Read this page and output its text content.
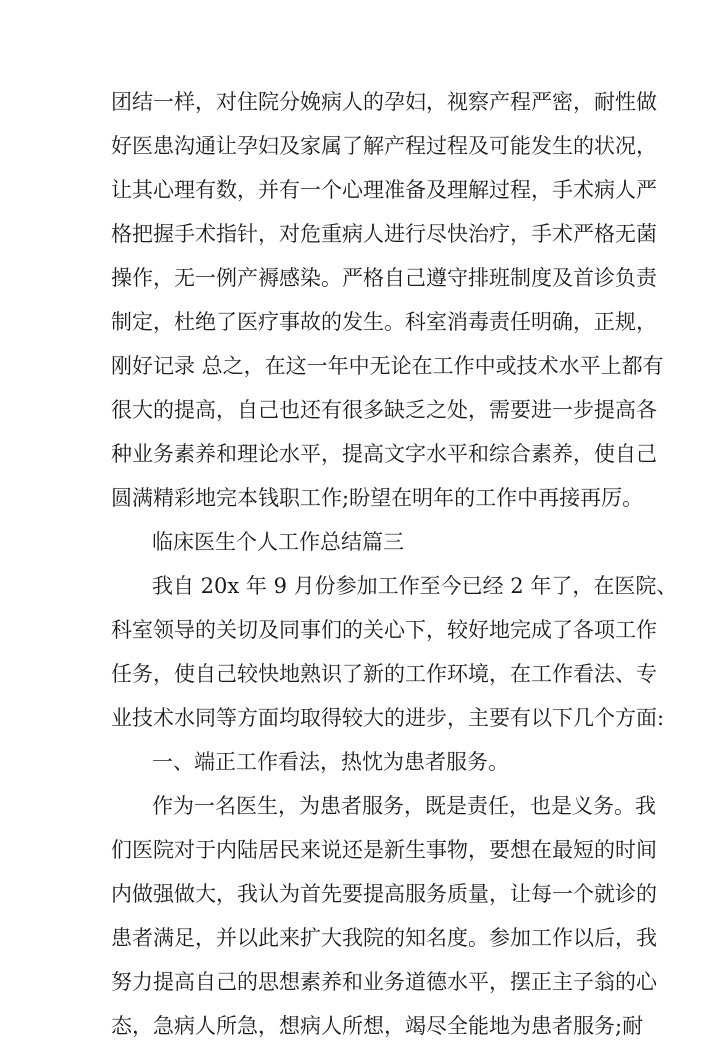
团结一样，对住院分娩病人的孕妇，视察产程严密，耐性做
好医患沟通让孕妇及家属了解产程过程及可能发生的状况，
让其心理有数，并有一个心理准备及理解过程，手术病人严
格把握手术指针，对危重病人进行尽快治疗，手术严格无菌
操作，无一例产褥感染。严格自己遵守排班制度及首诊负责
制定，杜绝了医疗事故的发生。科室消毒责任明确，正规，
刚好记录 总之，在这一年中无论在工作中或技术水平上都有
很大的提高，自己也还有很多缺乏之处，需要进一步提高各
种业务素养和理论水平，提高文字水平和综合素养，使自己
圆满精彩地完本钱职工作;盼望在明年的工作中再接再厉。
临床医生个人工作总结篇三
我自 20x 年 9 月份参加工作至今已经 2 年了，在医院、
科室领导的关切及同事们的关心下，较好地完成了各项工作
任务，使自己较快地熟识了新的工作环境，在工作看法、专
业技术水同等方面均取得较大的进步，主要有以下几个方面:
一、端正工作看法，热忱为患者服务。
作为一名医生，为患者服务，既是责任，也是义务。我
们医院对于内陆居民来说还是新生事物，要想在最短的时间
内做强做大，我认为首先要提高服务质量，让每一个就诊的
患者满足，并以此来扩大我院的知名度。参加工作以后，我
努力提高自己的思想素养和业务道德水平，摆正主子翁的心
态，急病人所急，想病人所想，竭尽全能地为患者服务;耐
